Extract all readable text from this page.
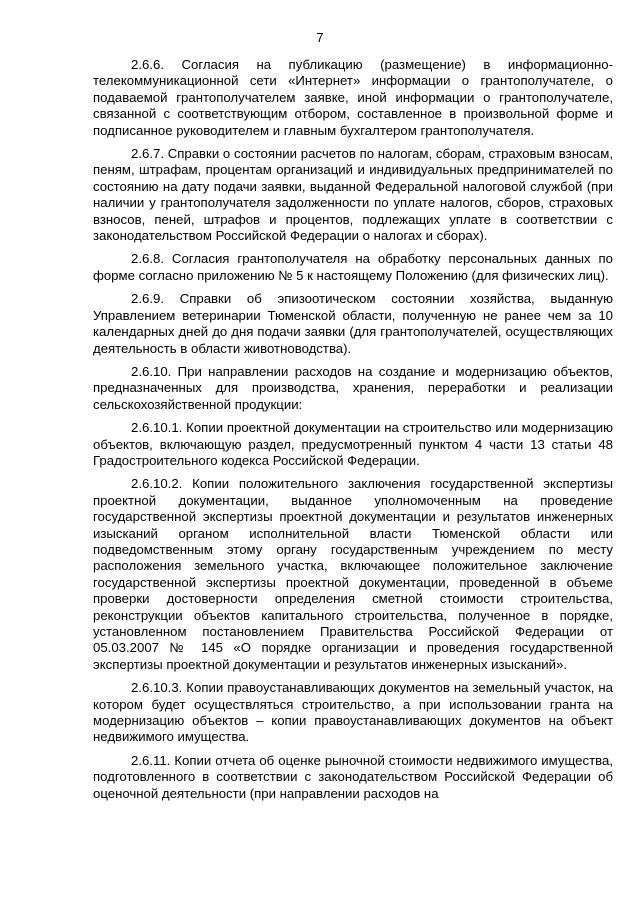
7

2.6.6. Согласия на публикацию (размещение) в информационно-телекоммуникационной сети «Интернет» информации о грантополучателе, о подаваемой грантополучателем заявке, иной информации о грантополучателе, связанной с соответствующим отбором, составленное в произвольной форме и подписанное руководителем и главным бухгалтером грантополучателя.

2.6.7. Справки о состоянии расчетов по налогам, сборам, страховым взносам, пеням, штрафам, процентам организаций и индивидуальных предпринимателей по состоянию на дату подачи заявки, выданной Федеральной налоговой службой (при наличии у грантополучателя задолженности по уплате налогов, сборов, страховых взносов, пеней, штрафов и процентов, подлежащих уплате в соответствии с законодательством Российской Федерации о налогах и сборах).

2.6.8. Согласия грантополучателя на обработку персональных данных по форме согласно приложению № 5 к настоящему Положению (для физических лиц).

2.6.9. Справки об эпизоотическом состоянии хозяйства, выданную Управлением ветеринарии Тюменской области, полученную не ранее чем за 10 календарных дней до дня подачи заявки (для грантополучателей, осуществляющих деятельность в области животноводства).

2.6.10. При направлении расходов на создание и модернизацию объектов, предназначенных для производства, хранения, переработки и реализации сельскохозяйственной продукции:

2.6.10.1. Копии проектной документации на строительство или модернизацию объектов, включающую раздел, предусмотренный пунктом 4 части 13 статьи 48 Градостроительного кодекса Российской Федерации.

2.6.10.2. Копии положительного заключения государственной экспертизы проектной документации, выданное уполномоченным на проведение государственной экспертизы проектной документации и результатов инженерных изысканий органом исполнительной власти Тюменской области или подведомственным этому органу государственным учреждением по месту расположения земельного участка, включающее положительное заключение государственной экспертизы проектной документации, проведенной в объеме проверки достоверности определения сметной стоимости строительства, реконструкции объектов капитального строительства, полученное в порядке, установленном постановлением Правительства Российской Федерации от 05.03.2007 № 145 «О порядке организации и проведения государственной экспертизы проектной документации и результатов инженерных изысканий».

2.6.10.3. Копии правоустанавливающих документов на земельный участок, на котором будет осуществляться строительство, а при использовании гранта на модернизацию объектов – копии правоустанавливающих документов на объект недвижимого имущества.

2.6.11. Копии отчета об оценке рыночной стоимости недвижимого имущества, подготовленного в соответствии с законодательством Российской Федерации об оценочной деятельности (при направлении расходов на
